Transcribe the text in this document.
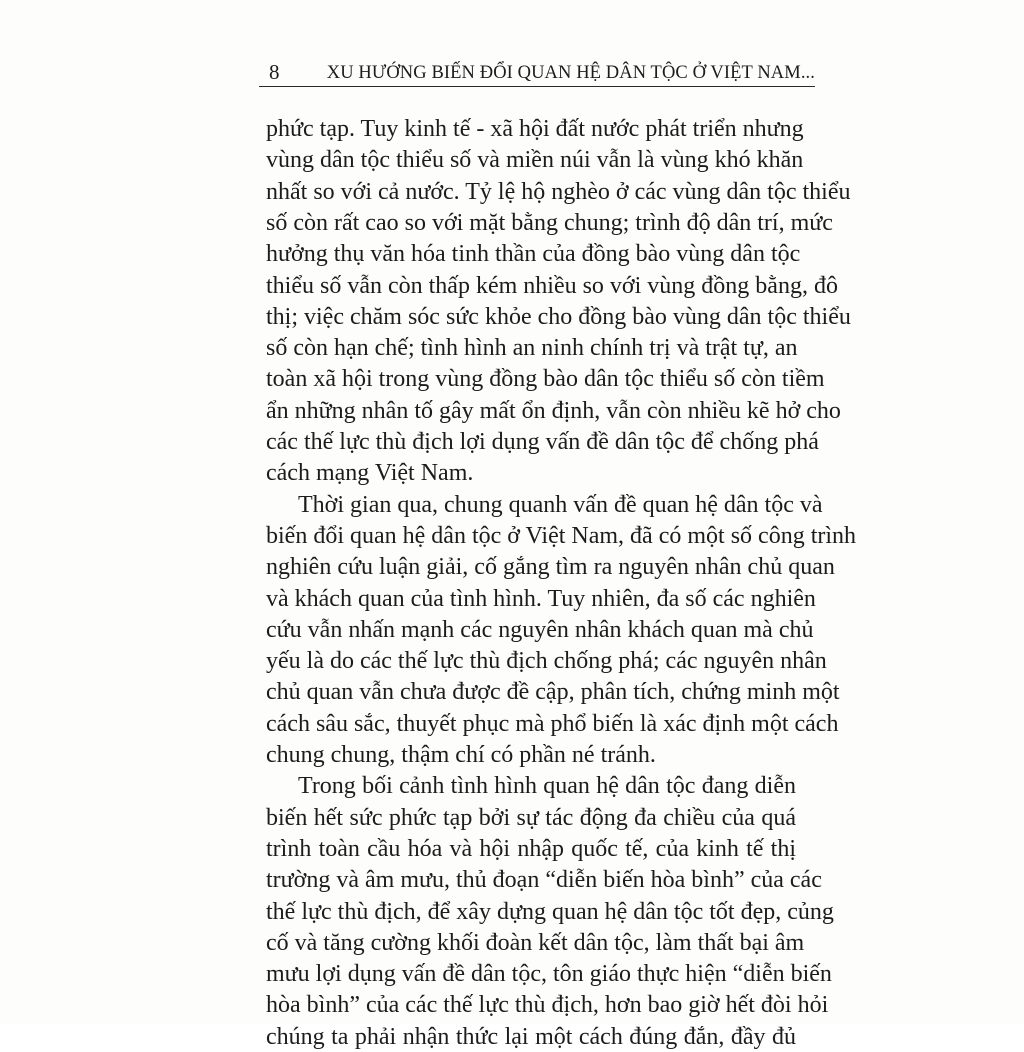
8	XU HƯỚNG BIẾN ĐỔI QUAN HỆ DÂN TỘC Ở VIỆT NAM...
phức tạp. Tuy kinh tế - xã hội đất nước phát triển nhưng
vùng dân tộc thiểu số và miền núi vẫn là vùng khó khăn
nhất so với cả nước. Tỷ lệ hộ nghèo ở các vùng dân tộc thiểu
số còn rất cao so với mặt bằng chung; trình độ dân trí, mức
hưởng thụ văn hóa tinh thần của đồng bào vùng dân tộc
thiểu số vẫn còn thấp kém nhiều so với vùng đồng bằng, đô
thị; việc chăm sóc sức khỏe cho đồng bào vùng dân tộc thiểu
số còn hạn chế; tình hình an ninh chính trị và trật tự, an
toàn xã hội trong vùng đồng bào dân tộc thiểu số còn tiềm
ẩn những nhân tố gây mất ổn định, vẫn còn nhiều kẽ hở cho
các thế lực thù địch lợi dụng vấn đề dân tộc để chống phá
cách mạng Việt Nam.
Thời gian qua, chung quanh vấn đề quan hệ dân tộc và
biến đổi quan hệ dân tộc ở Việt Nam, đã có một số công trình
nghiên cứu luận giải, cố gắng tìm ra nguyên nhân chủ quan
và khách quan của tình hình. Tuy nhiên, đa số các nghiên
cứu vẫn nhấn mạnh các nguyên nhân khách quan mà chủ
yếu là do các thế lực thù địch chống phá; các nguyên nhân
chủ quan vẫn chưa được đề cập, phân tích, chứng minh một
cách sâu sắc, thuyết phục mà phổ biến là xác định một cách
chung chung, thậm chí có phần né tránh.
Trong bối cảnh tình hình quan hệ dân tộc đang diễn
biến hết sức phức tạp bởi sự tác động đa chiều của quá
trình toàn cầu hóa và hội nhập quốc tế, của kinh tế thị
trường và âm mưu, thủ đoạn “diễn biến hòa bình” của các
thế lực thù địch, để xây dựng quan hệ dân tộc tốt đẹp, củng
cố và tăng cường khối đoàn kết dân tộc, làm thất bại âm
mưu lợi dụng vấn đề dân tộc, tôn giáo thực hiện “diễn biến
hòa bình” của các thế lực thù địch, hơn bao giờ hết đòi hỏi
chúng ta phải nhận thức lại một cách đúng đắn, đầy đủ
